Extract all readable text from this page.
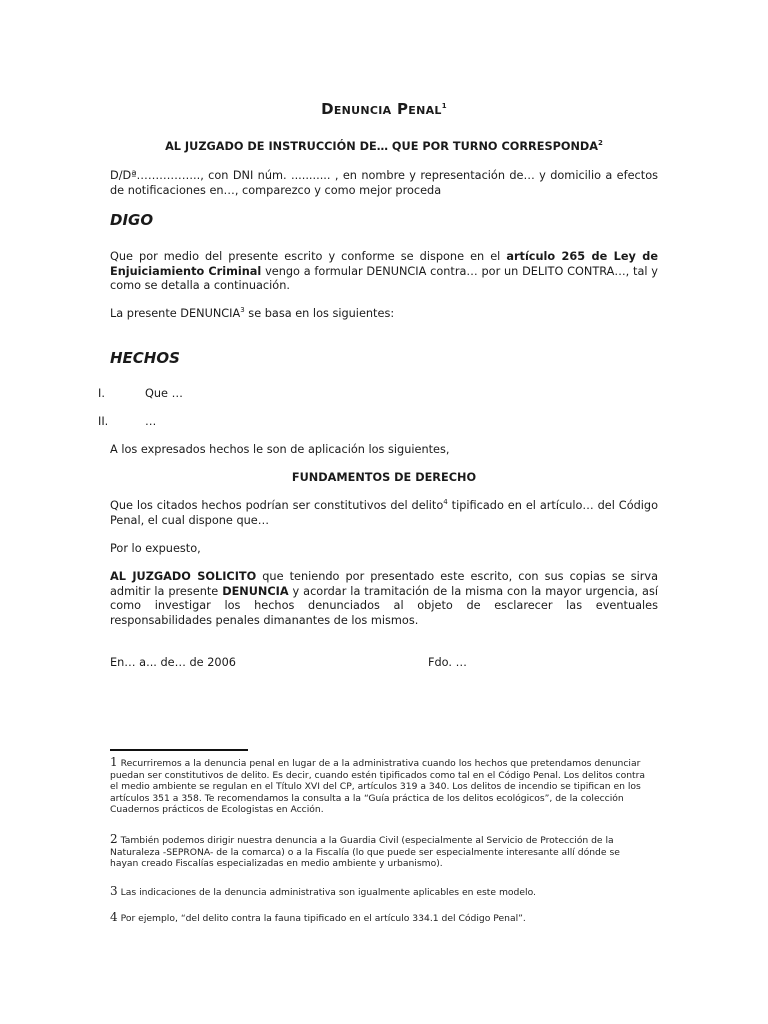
Denuncia Penal$^1$
AL JUZGADO DE INSTRUCCIÓN DE… QUE POR TURNO CORRESPONDA$^2$
D/Dª…………….., con DNI núm. ........... , en nombre y representación de… y domicilio a efectos de notificaciones en…, comparezco y como mejor proceda
DIGO
Que por medio del presente escrito y conforme se dispone en el artículo 265 de Ley de Enjuiciamiento Criminal vengo a formular DENUNCIA contra… por un DELITO CONTRA…, tal y como se detalla a continuación.
La presente DENUNCIA$^3$ se basa en los siguientes:
HECHOS
I.	Que …
II.	…
A los expresados hechos le son de aplicación los siguientes,
FUNDAMENTOS DE DERECHO
Que los citados hechos podrían ser constitutivos del delito$^4$ tipificado en el artículo… del Código Penal, el cual dispone que…
Por lo expuesto,
AL JUZGADO SOLICITO que teniendo por presentado este escrito, con sus copias se sirva admitir la presente DENUNCIA y acordar la tramitación de la misma con la mayor urgencia, así como investigar los hechos denunciados al objeto de esclarecer las eventuales responsabilidades penales dimanantes de los mismos.
En… a... de… de 2006	Fdo. …
1 Recurriremos a la denuncia penal en lugar de a la administrativa cuando los hechos que pretendamos denunciar puedan ser constitutivos de delito. Es decir, cuando estén tipificados como tal en el Código Penal. Los delitos contra el medio ambiente se regulan en el Título XVI del CP, artículos 319 a 340. Los delitos de incendio se tipifican en los artículos 351 a 358. Te recomendamos la consulta a la “Guía práctica de los delitos ecológicos”, de la colección Cuadernos prácticos de Ecologistas en Acción.
2 También podemos dirigir nuestra denuncia a la Guardia Civil (especialmente al Servicio de Protección de la Naturaleza -SEPRONA- de la comarca) o a la Fiscalía (lo que puede ser especialmente interesante allí dónde se hayan creado Fiscalías especializadas en medio ambiente y urbanismo).
3 Las indicaciones de la denuncia administrativa son igualmente aplicables en este modelo.
4 Por ejemplo, “del delito contra la fauna tipificado en el artículo 334.1 del Código Penal”.
